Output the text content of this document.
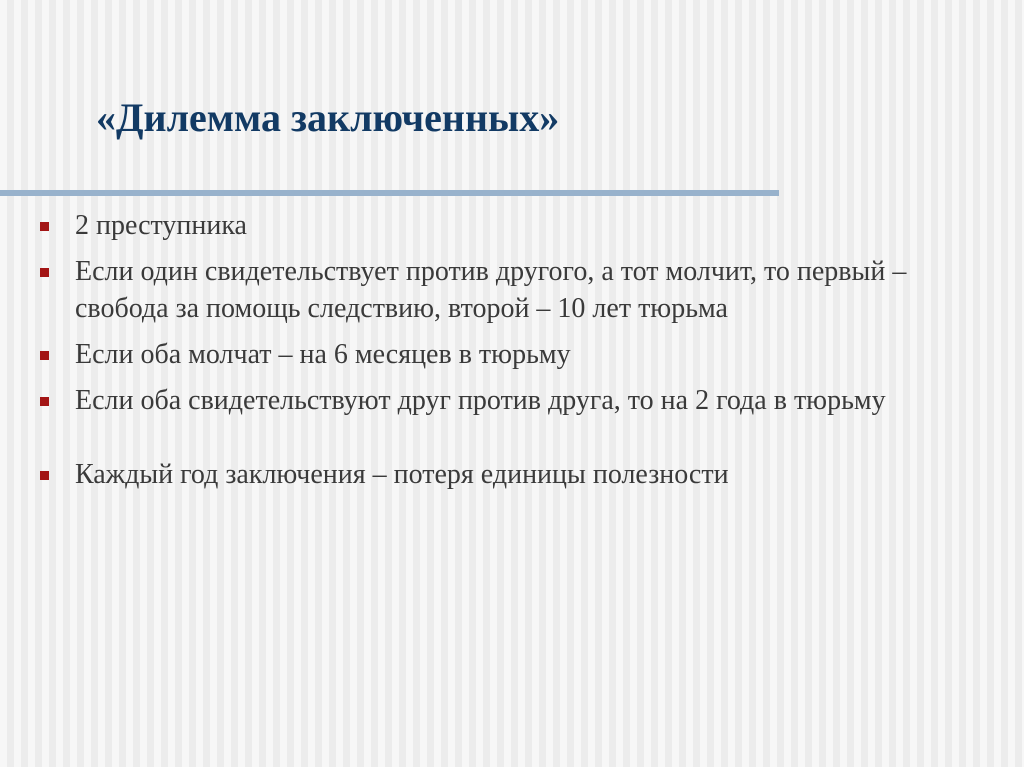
«Дилемма заключенных»
2 преступника
Если один свидетельствует против другого, а тот молчит, то первый – свобода за помощь следствию, второй – 10 лет тюрьма
Если оба молчат – на 6 месяцев в тюрьму
Если оба свидетельствуют друг против друга, то на 2 года в тюрьму
Каждый год заключения – потеря единицы полезности
